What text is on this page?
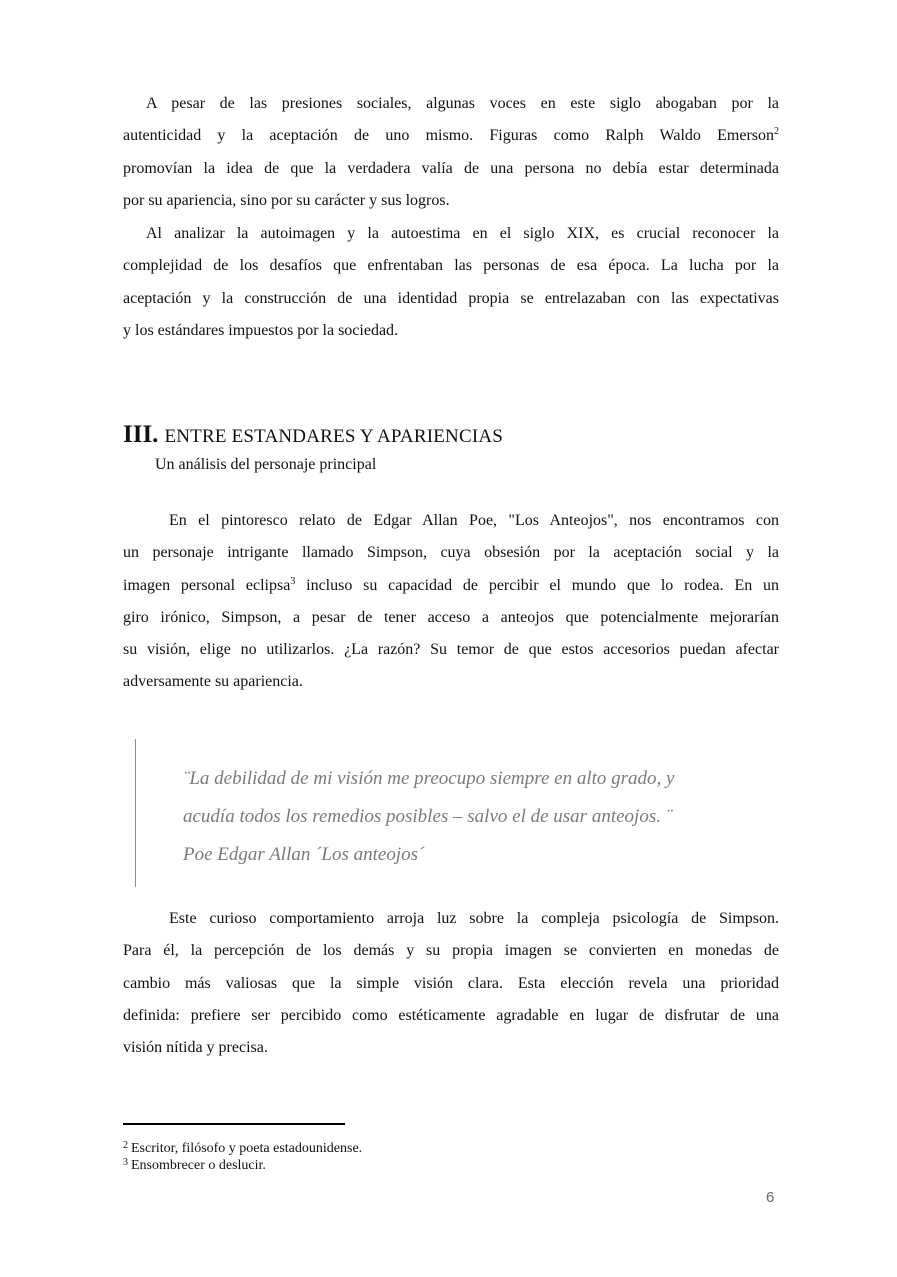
A pesar de las presiones sociales, algunas voces en este siglo abogaban por la
autenticidad y la aceptación de uno mismo. Figuras como Ralph Waldo Emerson$^2$
promovían la idea de que la verdadera valía de una persona no debía estar determinada
por su apariencia, sino por su carácter y sus logros.

Al analizar la autoimagen y la autoestima en el siglo XIX, es crucial reconocer la
complejidad de los desafíos que enfrentaban las personas de esa época. La lucha por la
aceptación y la construcción de una identidad propia se entrelazaban con las expectativas
y los estándares impuestos por la sociedad.

III. ENTRE ESTANDARES Y APARIENCIAS

Un análisis del personaje principal

En el pintoresco relato de Edgar Allan Poe, "Los Anteojos", nos encontramos con
un personaje intrigante llamado Simpson, cuya obsesión por la aceptación social y la
imagen personal eclipsa$^3$ incluso su capacidad de percibir el mundo que lo rodea. En un
giro irónico, Simpson, a pesar de tener acceso a anteojos que potencialmente mejorarían
su visión, elige no utilizarlos. ¿La razón? Su temor de que estos accesorios puedan afectar
adversamente su apariencia.

¨La debilidad de mi visión me preocupo siempre en alto grado, y
acudía todos los remedios posibles – salvo el de usar anteojos. ¨
Poe Edgar Allan ´Los anteojos´

Este curioso comportamiento arroja luz sobre la compleja psicología de Simpson.
Para él, la percepción de los demás y su propia imagen se convierten en monedas de
cambio más valiosas que la simple visión clara. Esta elección revela una prioridad
definida: prefiere ser percibido como estéticamente agradable en lugar de disfrutar de una
visión nítida y precisa.

$^2$ Escritor, filósofo y poeta estadounidense.
$^3$ Ensombrecer o deslucir.
6
